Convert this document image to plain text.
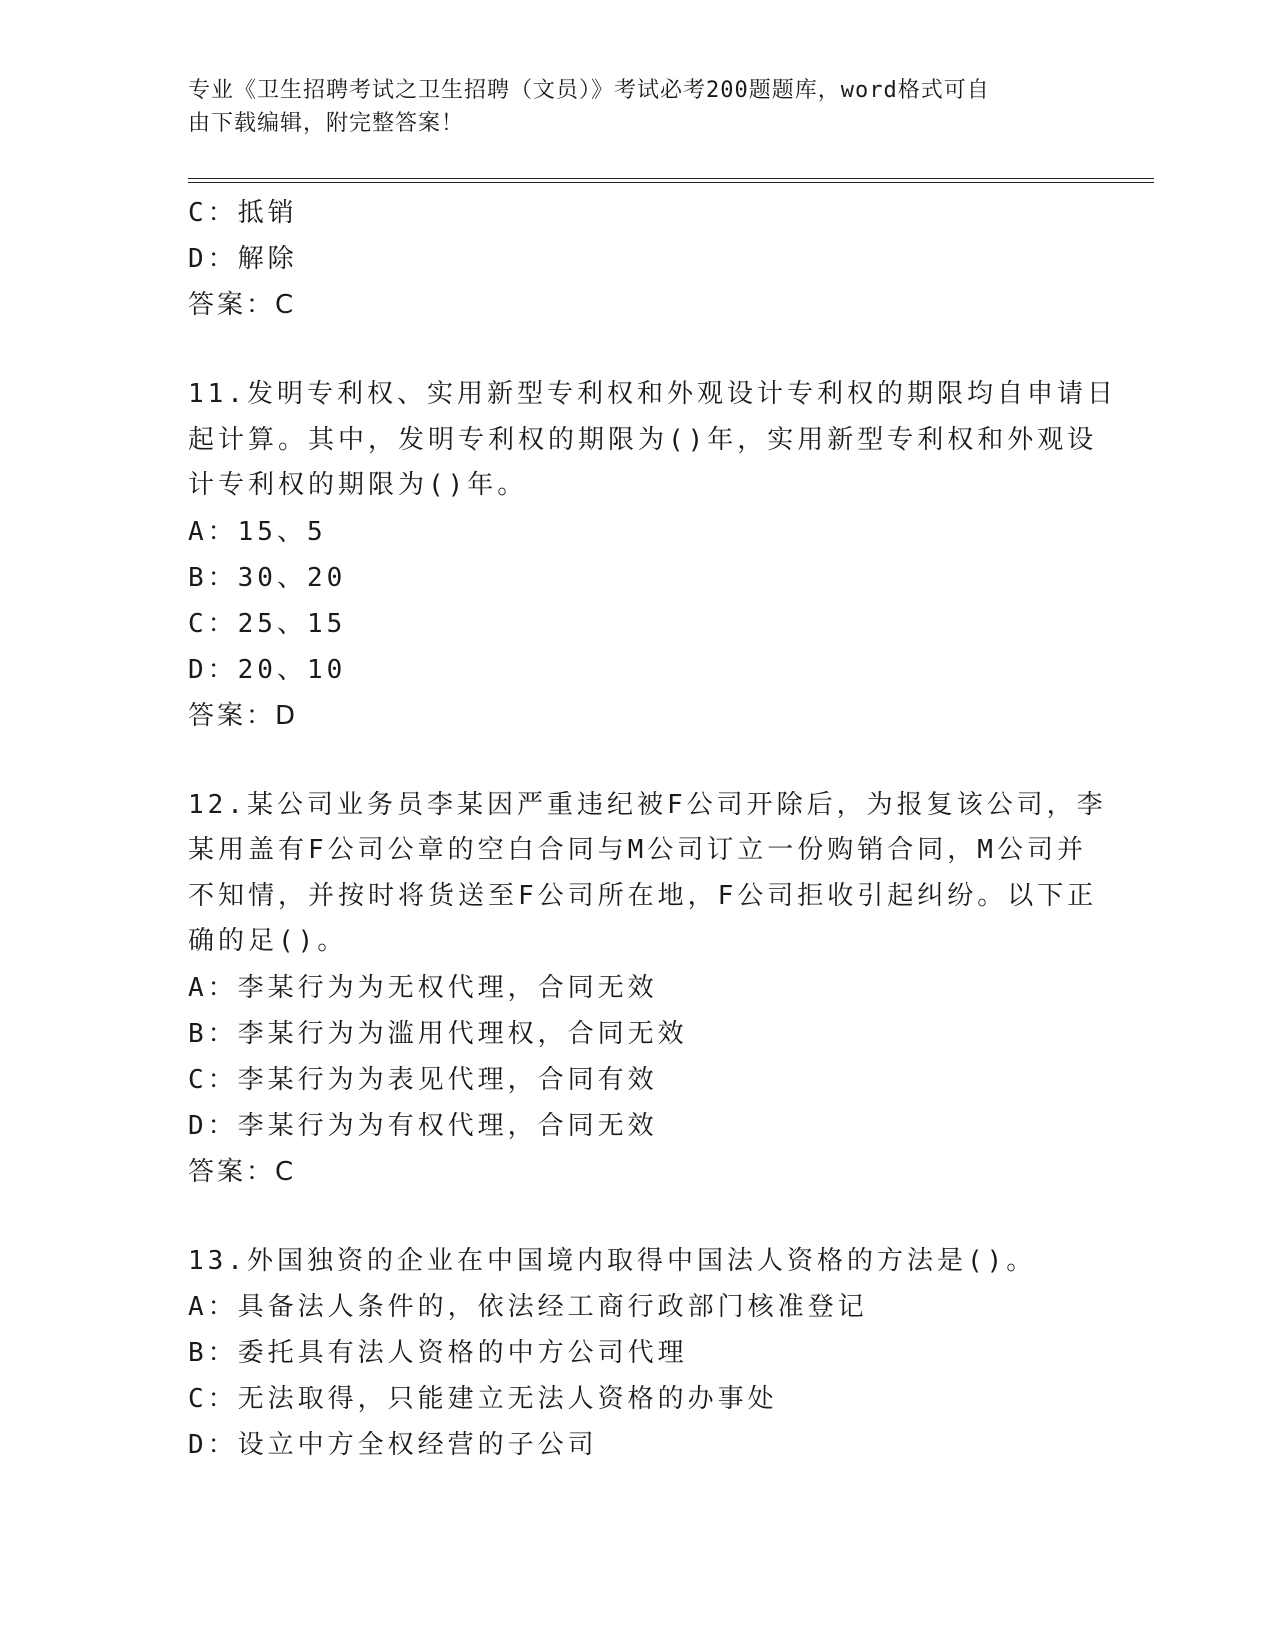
专业《卫生招聘考试之卫生招聘（文员）》考试必考200题题库，word格式可自
由下载编辑，附完整答案！
C：抵销
D：解除
答案：C
11.发明专利权、实用新型专利权和外观设计专利权的期限均自申请日
起计算。其中，发明专利权的期限为()年，实用新型专利权和外观设
计专利权的期限为()年。
A：15、5
B：30、20
C：25、15
D：20、10
答案：D
12.某公司业务员李某因严重违纪被F公司开除后，为报复该公司，李
某用盖有F公司公章的空白合同与M公司订立一份购销合同，M公司并
不知情，并按时将货送至F公司所在地，F公司拒收引起纠纷。以下正
确的足()。
A：李某行为为无权代理，合同无效
B：李某行为为滥用代理权，合同无效
C：李某行为为表见代理，合同有效
D：李某行为为有权代理，合同无效
答案：C
13.外国独资的企业在中国境内取得中国法人资格的方法是()。
A：具备法人条件的，依法经工商行政部门核准登记
B：委托具有法人资格的中方公司代理
C：无法取得，只能建立无法人资格的办事处
D：设立中方全权经营的子公司
